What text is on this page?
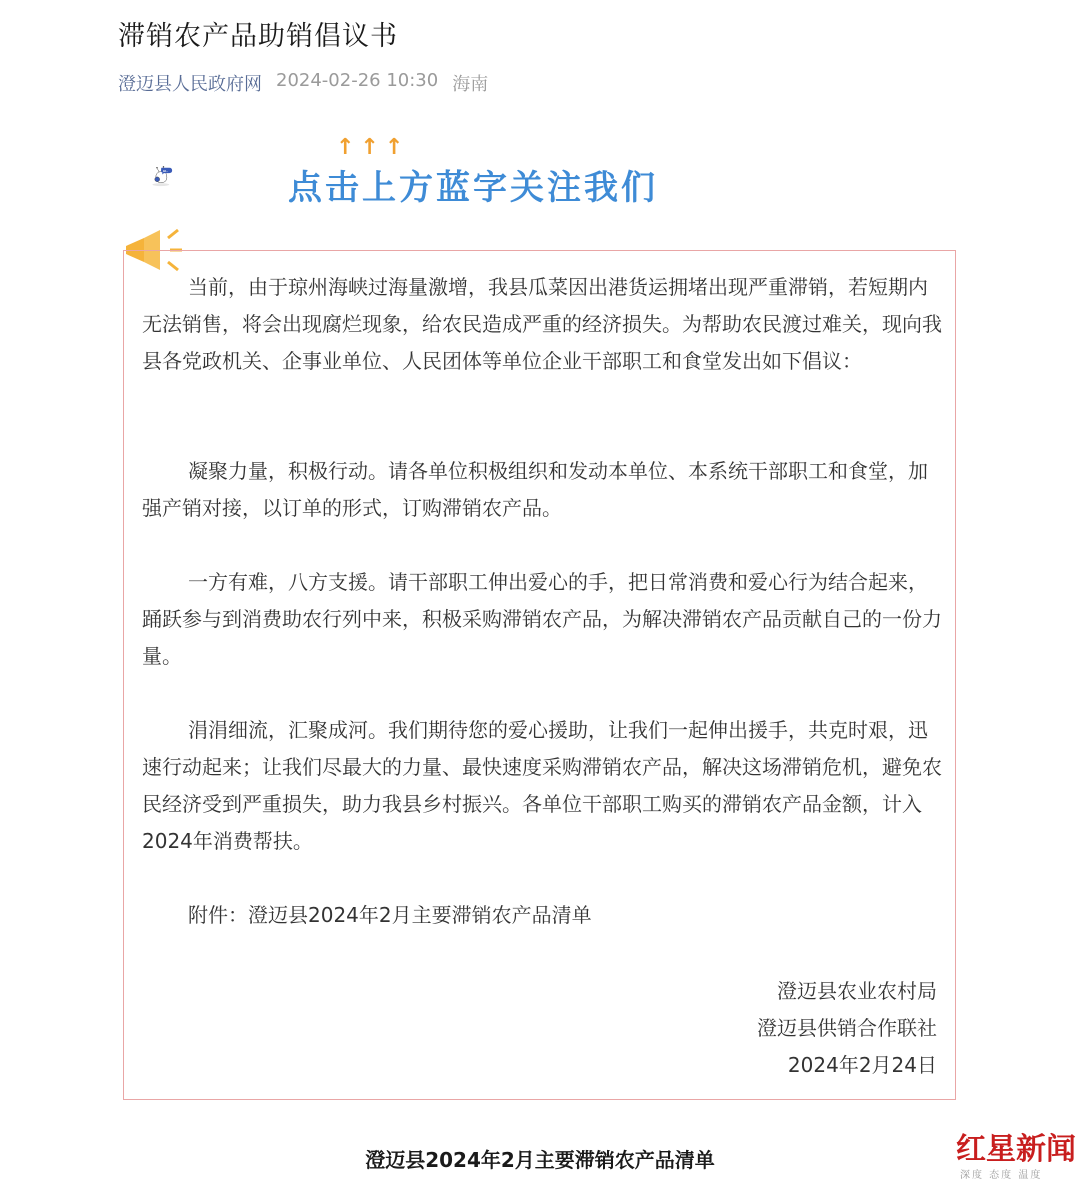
滞销农产品助销倡议书
澄迈县人民政府网 2024-02-26 10:30 海南
HI~
↑↑↑
点击上方蓝字关注我们

当前，由于琼州海峡过海量激增，我县瓜菜因出港货运拥堵出现严重滞销，若短期内无法销售，将会出现腐烂现象，给农民造成严重的经济损失。为帮助农民渡过难关，现向我县各党政机关、企事业单位、人民团体等单位企业干部职工和食堂发出如下倡议：

凝聚力量，积极行动。请各单位积极组织和发动本单位、本系统干部职工和食堂，加强产销对接，以订单的形式，订购滞销农产品。

一方有难，八方支援。请干部职工伸出爱心的手，把日常消费和爱心行为结合起来，踊跃参与到消费助农行列中来，积极采购滞销农产品，为解决滞销农产品贡献自己的一份力量。

涓涓细流，汇聚成河。我们期待您的爱心援助，让我们一起伸出援手，共克时艰，迅速行动起来；让我们尽最大的力量、最快速度采购滞销农产品，解决这场滞销危机，避免农民经济受到严重损失，助力我县乡村振兴。各单位干部职工购买的滞销农产品金额，计入2024年消费帮扶。

附件：澄迈县2024年2月主要滞销农产品清单

澄迈县农业农村局
澄迈县供销合作联社
2024年2月24日
澄迈县2024年2月主要滞销农产品清单	红星新闻
深度 态度 温度
